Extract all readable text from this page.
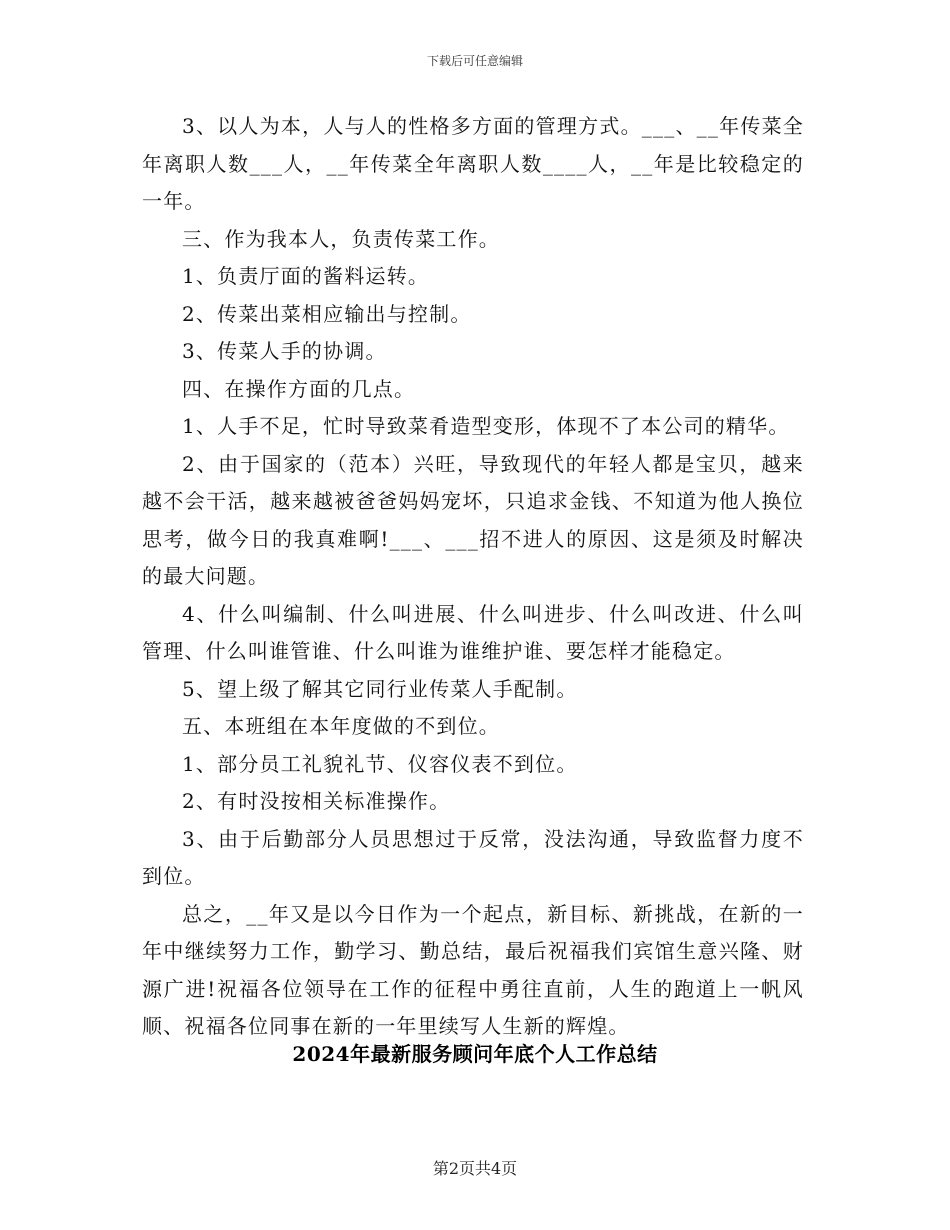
下载后可任意编辑

3、以人为本，人与人的性格多方面的管理方式。___、__年传菜全年离职人数___人，__年传菜全年离职人数____人，__年是比较稳定的一年。

三、作为我本人，负责传菜工作。

1、负责厅面的酱料运转。

2、传菜出菜相应输出与控制。

3、传菜人手的协调。

四、在操作方面的几点。

1、人手不足，忙时导致菜肴造型变形，体现不了本公司的精华。

2、由于国家的（范本）兴旺，导致现代的年轻人都是宝贝，越来越不会干活，越来越被爸爸妈妈宠坏，只追求金钱、不知道为他人换位思考，做今日的我真难啊!___、___招不进人的原因、这是须及时解决的最大问题。

4、什么叫编制、什么叫进展、什么叫进步、什么叫改进、什么叫管理、什么叫谁管谁、什么叫谁为谁维护谁、要怎样才能稳定。

5、望上级了解其它同行业传菜人手配制。

五、本班组在本年度做的不到位。

1、部分员工礼貌礼节、仪容仪表不到位。

2、有时没按相关标准操作。

3、由于后勤部分人员思想过于反常，没法沟通，导致监督力度不到位。

总之，__年又是以今日作为一个起点，新目标、新挑战，在新的一年中继续努力工作，勤学习、勤总结，最后祝福我们宾馆生意兴隆、财源广进!祝福各位领导在工作的征程中勇往直前，人生的跑道上一帆风顺、祝福各位同事在新的一年里续写人生新的辉煌。

2024年最新服务顾问年底个人工作总结
第2页共4页
